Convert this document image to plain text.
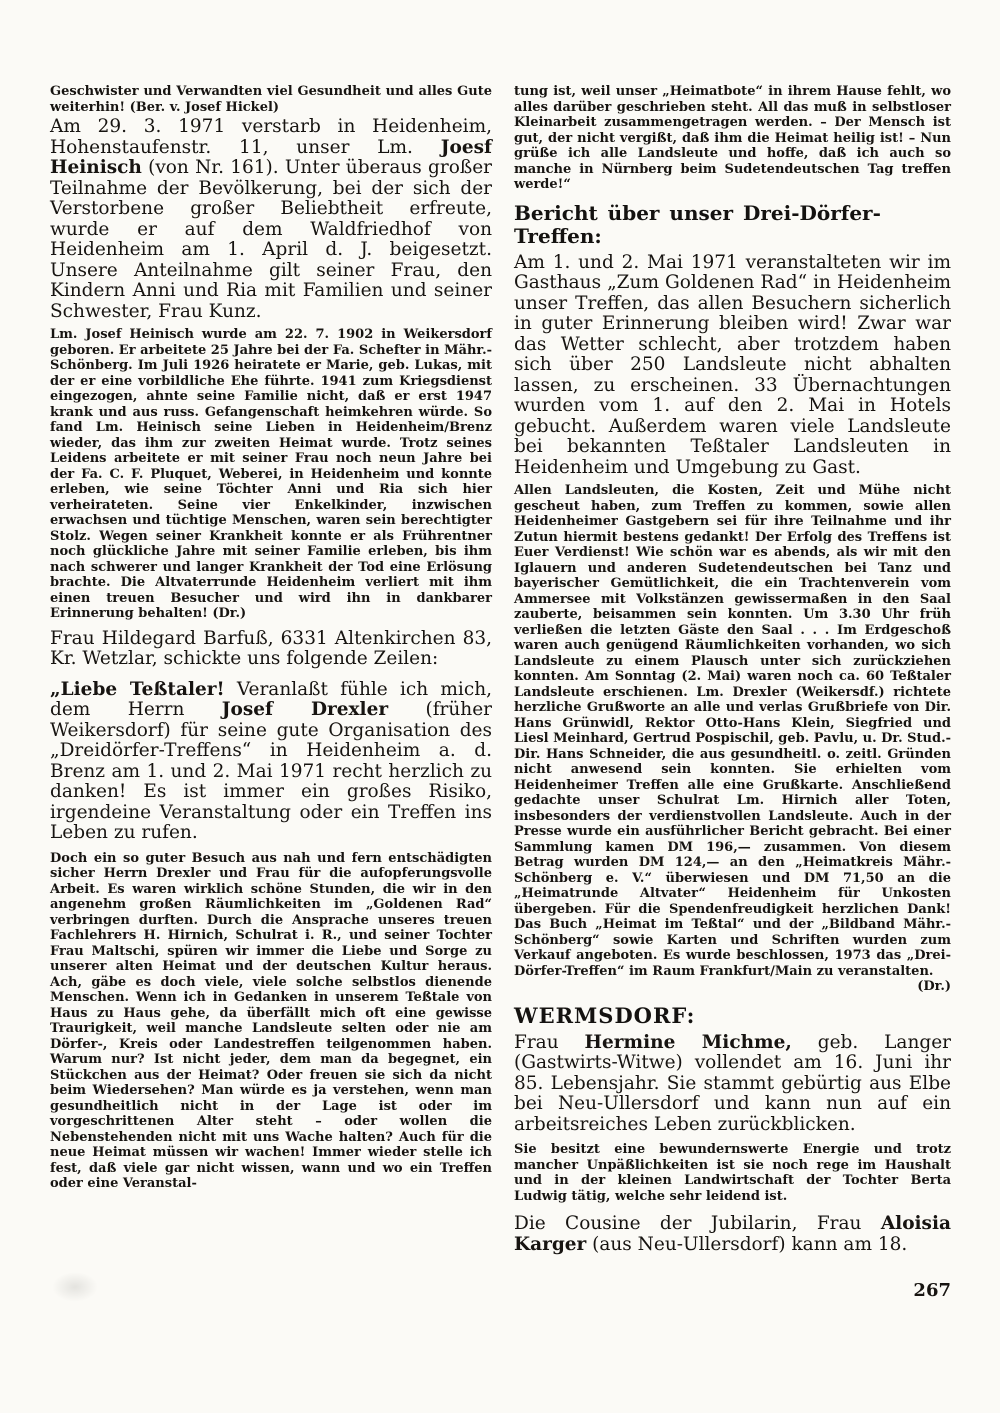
Geschwister und Verwandten viel Gesundheit und alles Gute weiterhin! (Ber. v. Josef Hickel)

Am 29. 3. 1971 verstarb in Heidenheim, Hohenstaufenstr. 11, unser Lm. Joesf Heinisch (von Nr. 161). Unter überaus großer Teilnahme der Bevölkerung, bei der sich der Verstorbene großer Beliebtheit erfreute, wurde er auf dem Waldfriedhof von Heidenheim am 1. April d. J. beigesetzt. Unsere Anteilnahme gilt seiner Frau, den Kindern Anni und Ria mit Familien und seiner Schwester, Frau Kunz.

Lm. Josef Heinisch wurde am 22. 7. 1902 in Weikersdorf geboren. Er arbeitete 25 Jahre bei der Fa. Schefter in Mähr.-Schönberg. Im Juli 1926 heiratete er Marie, geb. Lukas, mit der er eine vorbildliche Ehe führte. 1941 zum Kriegsdienst eingezogen, ahnte seine Familie nicht, daß er erst 1947 krank und aus russ. Gefangenschaft heimkehren würde. So fand Lm. Heinisch seine Lieben in Heidenheim/Brenz wieder, das ihm zur zweiten Heimat wurde. Trotz seines Leidens arbeitete er mit seiner Frau noch neun Jahre bei der Fa. C. F. Pluquet, Weberei, in Heidenheim und konnte erleben, wie seine Töchter Anni und Ria sich hier verheirateten. Seine vier Enkelkinder, inzwischen erwachsen und tüchtige Menschen, waren sein berechtigter Stolz. Wegen seiner Krankheit konnte er als Frührentner noch glückliche Jahre mit seiner Familie erleben, bis ihm nach schwerer und langer Krankheit der Tod eine Erlösung brachte. Die Altvaterrunde Heidenheim verliert mit ihm einen treuen Besucher und wird ihn in dankbarer Erinnerung behalten! (Dr.)

Frau Hildegard Barfuß, 6331 Altenkirchen 83, Kr. Wetzlar, schickte uns folgende Zeilen:

„Liebe Teßtaler! Veranlaßt fühle ich mich, dem Herrn Josef Drexler (früher Weikersdorf) für seine gute Organisation des „Dreidörfer-Treffens“ in Heidenheim a. d. Brenz am 1. und 2. Mai 1971 recht herzlich zu danken! Es ist immer ein großes Risiko, irgendeine Veranstaltung oder ein Treffen ins Leben zu rufen.

Doch ein so guter Besuch aus nah und fern entschädigten sicher Herrn Drexler und Frau für die aufopferungsvolle Arbeit. Es waren wirklich schöne Stunden, die wir in den angenehm großen Räumlichkeiten im „Goldenen Rad“ verbringen durften. Durch die Ansprache unseres treuen Fachlehrers H. Hirnich, Schulrat i. R., und seiner Tochter Frau Maltschi, spüren wir immer die Liebe und Sorge zu unserer alten Heimat und der deutschen Kultur heraus. Ach, gäbe es doch viele, viele solche selbstlos dienende Menschen. Wenn ich in Gedanken in unserem Teßtale von Haus zu Haus gehe, da überfällt mich oft eine gewisse Traurigkeit, weil manche Landsleute selten oder nie am Dörfer-, Kreis oder Landestreffen teilgenommen haben. Warum nur? Ist nicht jeder, dem man da begegnet, ein Stückchen aus der Heimat? Oder freuen sie sich da nicht beim Wiedersehen? Man würde es ja verstehen, wenn man gesundheitlich nicht in der Lage ist oder im vorgeschrittenen Alter steht – oder wollen die Nebenstehenden nicht mit uns Wache halten? Auch für die neue Heimat müssen wir wachen! Immer wieder stelle ich fest, daß viele gar nicht wissen, wann und wo ein Treffen oder eine Veranstal-

tung ist, weil unser „Heimatbote“ in ihrem Hause fehlt, wo alles darüber geschrieben steht. All das muß in selbstloser Kleinarbeit zusammengetragen werden. – Der Mensch ist gut, der nicht vergißt, daß ihm die Heimat heilig ist! – Nun grüße ich alle Landsleute und hoffe, daß ich auch so manche in Nürnberg beim Sudetendeutschen Tag treffen werde!“

Bericht über unser Drei-Dörfer-Treffen:

Am 1. und 2. Mai 1971 veranstalteten wir im Gasthaus „Zum Goldenen Rad“ in Heidenheim unser Treffen, das allen Besuchern sicherlich in guter Erinnerung bleiben wird! Zwar war das Wetter schlecht, aber trotzdem haben sich über 250 Landsleute nicht abhalten lassen, zu erscheinen. 33 Übernachtungen wurden vom 1. auf den 2. Mai in Hotels gebucht. Außerdem waren viele Landsleute bei bekannten Teßtaler Landsleuten in Heidenheim und Umgebung zu Gast.

Allen Landsleuten, die Kosten, Zeit und Mühe nicht gescheut haben, zum Treffen zu kommen, sowie allen Heidenheimer Gastgebern sei für ihre Teilnahme und ihr Zutun hiermit bestens gedankt! Der Erfolg des Treffens ist Euer Verdienst! Wie schön war es abends, als wir mit den Iglauern und anderen Sudetendeutschen bei Tanz und bayerischer Gemütlichkeit, die ein Trachtenverein vom Ammersee mit Volkstänzen gewissermaßen in den Saal zauberte, beisammen sein konnten. Um 3.30 Uhr früh verließen die letzten Gäste den Saal . . . Im Erdgeschoß waren auch genügend Räumlichkeiten vorhanden, wo sich Landsleute zu einem Plausch unter sich zurückziehen konnten. Am Sonntag (2. Mai) waren noch ca. 60 Teßtaler Landsleute erschienen. Lm. Drexler (Weikersdf.) richtete herzliche Grußworte an alle und verlas Grußbriefe von Dir. Hans Grünwidl, Rektor Otto-Hans Klein, Siegfried und Liesl Meinhard, Gertrud Pospischil, geb. Pavlu, u. Dr. Stud.-Dir. Hans Schneider, die aus gesundheitl. o. zeitl. Gründen nicht anwesend sein konnten. Sie erhielten vom Heidenheimer Treffen alle eine Grußkarte. Anschließend gedachte unser Schulrat Lm. Hirnich aller Toten, insbesonders der verdienstvollen Landsleute. Auch in der Presse wurde ein ausführlicher Bericht gebracht. Bei einer Sammlung kamen DM 196,— zusammen. Von diesem Betrag wurden DM 124,— an den „Heimatkreis Mähr.-Schönberg e. V.“ überwiesen und DM 71,50 an die „Heimatrunde Altvater“ Heidenheim für Unkosten übergeben. Für die Spendenfreudigkeit herzlichen Dank! Das Buch „Heimat im Teßtal“ und der „Bildband Mähr.-Schönberg“ sowie Karten und Schriften wurden zum Verkauf angeboten. Es wurde beschlossen, 1973 das „Drei-Dörfer-Treffen“ im Raum Frankfurt/Main zu veranstalten.

(Dr.)

WERMSDORF:

Frau Hermine Michme, geb. Langer (Gastwirts-Witwe) vollendet am 16. Juni ihr 85. Lebensjahr. Sie stammt gebürtig aus Elbe bei Neu-Ullersdorf und kann nun auf ein arbeitsreiches Leben zurückblicken.

Sie besitzt eine bewundernswerte Energie und trotz mancher Unpäßlichkeiten ist sie noch rege im Haushalt und in der kleinen Landwirtschaft der Tochter Berta Ludwig tätig, welche sehr leidend ist.

Die Cousine der Jubilarin, Frau Aloisia Karger (aus Neu-Ullersdorf) kann am 18.

267
